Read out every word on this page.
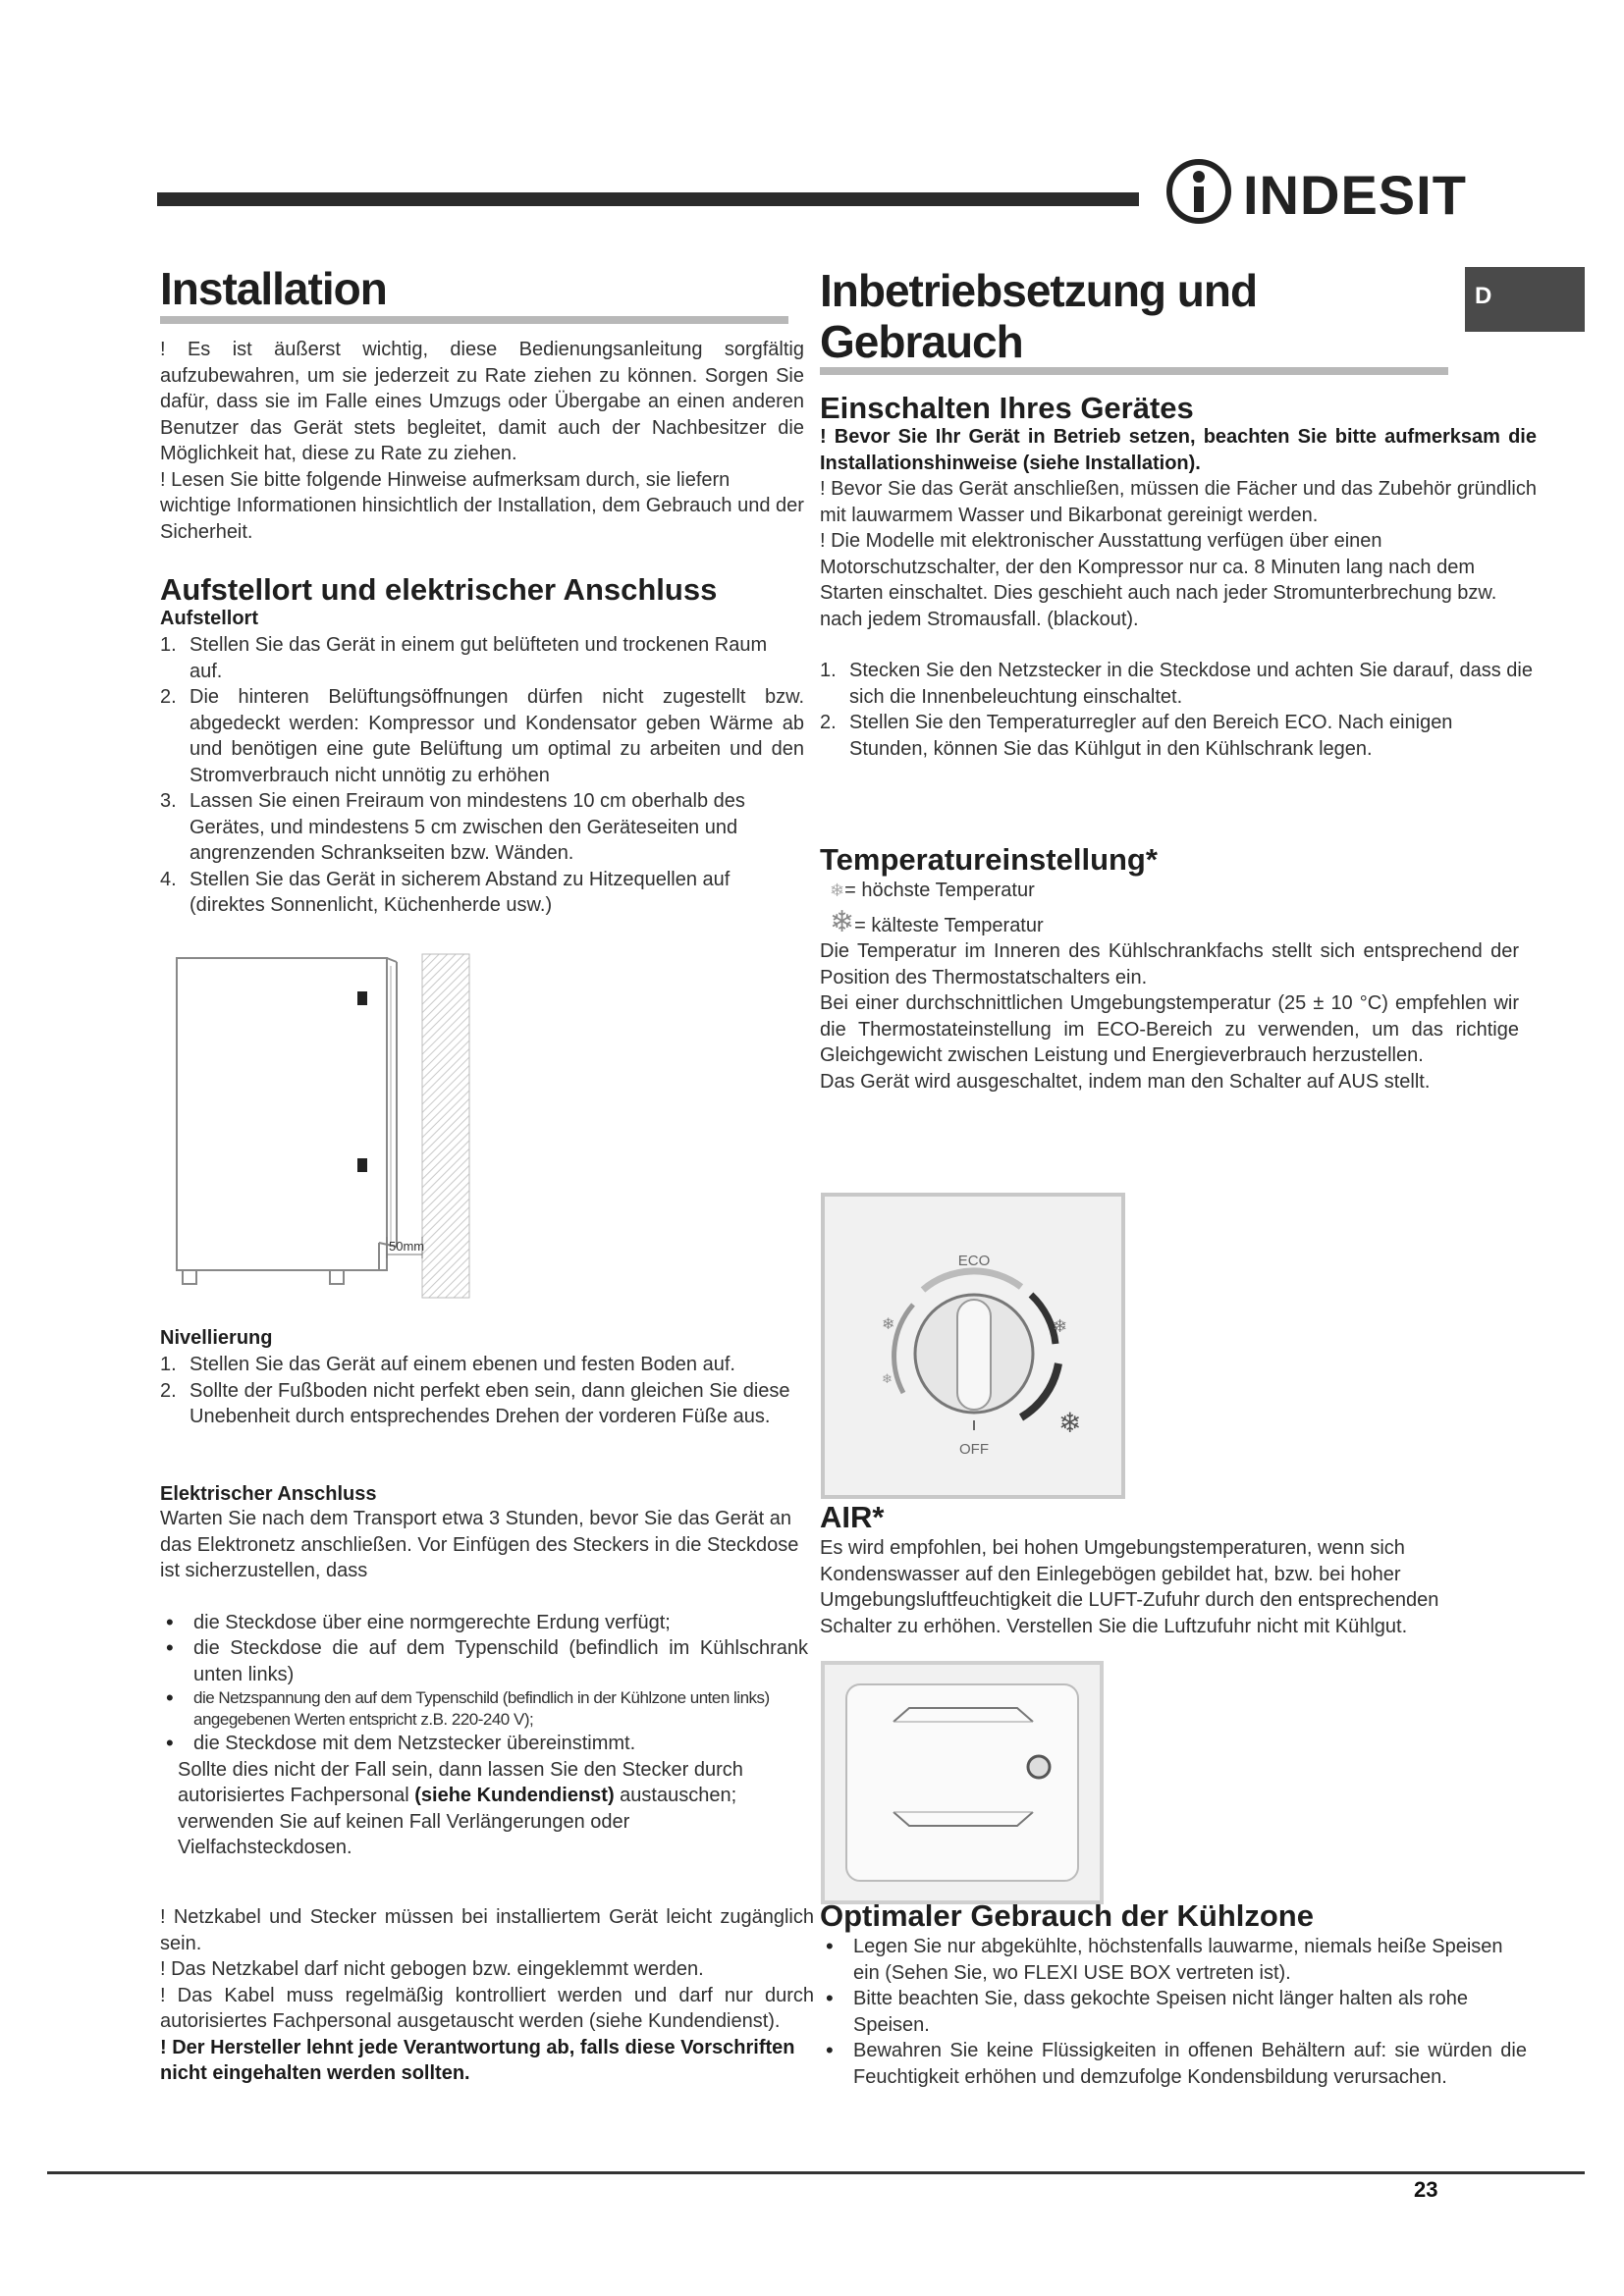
INDESIT
D
Installation

! Es ist äußerst wichtig, diese Bedienungsanleitung sorgfältig aufzubewahren, um sie jederzeit zu Rate ziehen zu können. Sorgen Sie dafür, dass sie im Falle eines Umzugs oder Übergabe an einen anderen Benutzer das Gerät stets begleitet, damit auch der Nachbesitzer die Möglichkeit hat, diese zu Rate zu ziehen.

! Lesen Sie bitte folgende Hinweise aufmerksam durch, sie liefern wichtige Informationen hinsichtlich der Installation, dem Gebrauch und der Sicherheit.

Aufstellort und elektrischer Anschluss
Aufstellort
1. Stellen Sie das Gerät in einem gut belüfteten und trockenen Raum auf.
2. Die hinteren Belüftungsöffnungen dürfen nicht zugestellt bzw. abgedeckt werden: Kompressor und Kondensator geben Wärme ab und benötigen eine gute Belüftung um optimal zu arbeiten und den Stromverbrauch nicht unnötig zu erhöhen
3. Lassen Sie einen Freiraum von mindestens 10 cm oberhalb des Gerätes, und mindestens 5 cm zwischen den Geräteseiten und angrenzenden Schrankseiten bzw. Wänden.
4. Stellen Sie das Gerät in sicherem Abstand zu Hitzequellen auf (direktes Sonnenlicht, Küchenherde usw.)
50mm
Nivellierung
1. Stellen Sie das Gerät auf einem ebenen und festen Boden auf.
2. Sollte der Fußboden nicht perfekt eben sein, dann gleichen Sie diese Unebenheit durch entsprechendes Drehen der vorderen Füße aus.
Elektrischer Anschluss

Warten Sie nach dem Transport etwa 3 Stunden, bevor Sie das Gerät an das Elektronetz anschließen. Vor Einfügen des Steckers in die Steckdose ist sicherzustellen, dass

• die Steckdose über eine normgerechte Erdung verfügt;
• die Steckdose die auf dem Typenschild (befindlich im Kühlschrank unten links)
• die Netzspannung den auf dem Typenschild (befindlich in der Kühlzone unten links) angegebenen Werten entspricht z.B. 220-240 V);
• die Steckdose mit dem Netzstecker übereinstimmt.

Sollte dies nicht der Fall sein, dann lassen Sie den Stecker durch autorisiertes Fachpersonal (siehe Kundendienst) austauschen; verwenden Sie auf keinen Fall Verlängerungen oder Vielfachsteckdosen.

! Netzkabel und Stecker müssen bei installiertem Gerät leicht zugänglich sein.

! Das Netzkabel darf nicht gebogen bzw. eingeklemmt werden.

! Das Kabel muss regelmäßig kontrolliert werden und darf nur durch autorisiertes Fachpersonal ausgetauscht werden (siehe Kundendienst).

! Der Hersteller lehnt jede Verantwortung ab, falls diese Vorschriften nicht eingehalten werden sollten.

Inbetriebsetzung und
Gebrauch
Einschalten Ihres Gerätes

! Bevor Sie Ihr Gerät in Betrieb setzen, beachten Sie bitte aufmerksam die Installationshinweise (siehe Installation).

! Bevor Sie das Gerät anschließen, müssen die Fächer und das Zubehör gründlich mit lauwarmem Wasser und Bikarbonat gereinigt werden.

! Die Modelle mit elektronischer Ausstattung verfügen über einen Motorschutzschalter, der den Kompressor nur ca. 8 Minuten lang nach dem Starten einschaltet. Dies geschieht auch nach jeder Stromunterbrechung bzw. nach jedem Stromausfall. (blackout).

1. Stecken Sie den Netzstecker in die Steckdose und achten Sie darauf, dass die sich die Innenbeleuchtung einschaltet.
2. Stellen Sie den Temperaturregler auf den Bereich ECO. Nach einigen Stunden, können Sie das Kühlgut in den Kühlschrank legen.
Temperatureinstellung*
❄= höchste Temperatur
❄= kälteste Temperatur

Die Temperatur im Inneren des Kühlschrankfachs stellt sich entsprechend der Position des Thermostatschalters ein.

Bei einer durchschnittlichen Umgebungstemperatur (25 ± 10 °C) empfehlen wir die Thermostateinstellung im ECO-Bereich zu verwenden, um das richtige Gleichgewicht zwischen Leistung und Energieverbrauch herzustellen.

Das Gerät wird ausgeschaltet, indem man den Schalter auf AUS stellt.

ECO
OFF
❄
❄
❄
❄
AIR*

Es wird empfohlen, bei hohen Umgebungstemperaturen, wenn sich Kondenswasser auf den Einlegebögen gebildet hat, bzw. bei hoher Umgebungsluftfeuchtigkeit die LUFT-Zufuhr durch den entsprechenden Schalter zu erhöhen. Verstellen Sie die Luftzufuhr nicht mit Kühlgut.

Optimaler Gebrauch der Kühlzone
• Legen Sie nur abgekühlte, höchstenfalls lauwarme, niemals heiße Speisen ein (Sehen Sie, wo FLEXI USE BOX vertreten ist).
• Bitte beachten Sie, dass gekochte Speisen nicht länger halten als rohe Speisen.
• Bewahren Sie keine Flüssigkeiten in offenen Behältern auf: sie würden die Feuchtigkeit erhöhen und demzufolge Kondensbildung verursachen.
23
